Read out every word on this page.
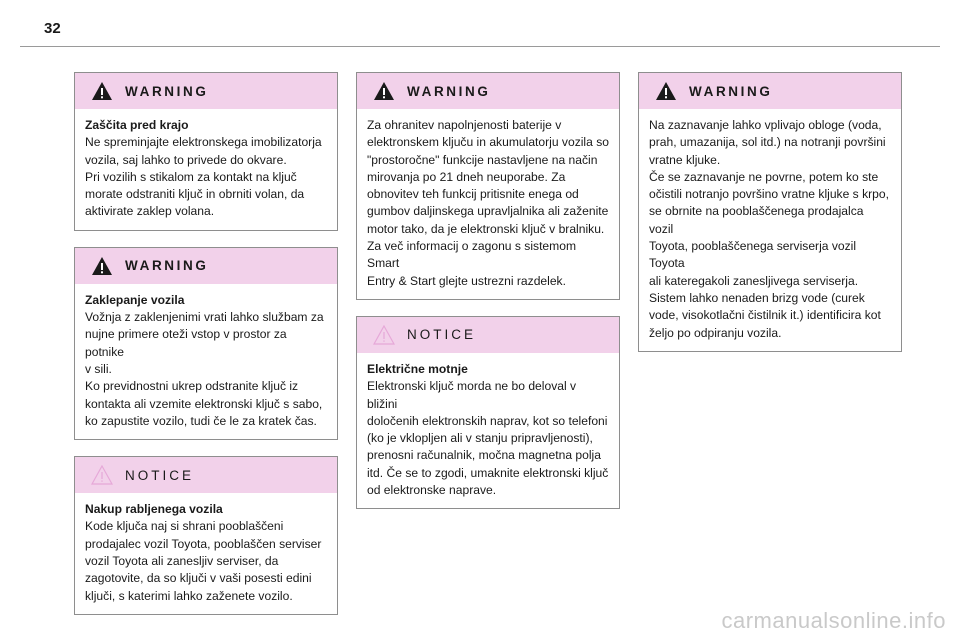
32
WARNING

Zaščita pred krajo

Ne spreminjajte elektronskega imobilizatorja

vozila, saj lahko to privede do okvare.

Pri vozilih s stikalom za kontakt na ključ

morate odstraniti ključ in obrniti volan, da

aktivirate zaklep volana.

WARNING

Zaklepanje vozila

Vožnja z zaklenjenimi vrati lahko službam za

nujne primere oteži vstop v prostor za potnike

v sili.

Ko previdnostni ukrep odstranite ključ iz

kontakta ali vzemite elektronski ključ s sabo,

ko zapustite vozilo, tudi če le za kratek čas.

NOTICE

Nakup rabljenega vozila

Kode ključa naj si shrani pooblaščeni

prodajalec vozil Toyota, pooblaščen serviser

vozil Toyota ali zanesljiv serviser, da

zagotovite, da so ključi v vaši posesti edini

ključi, s katerimi lahko zaženete vozilo.

WARNING

Za ohranitev napolnjenosti baterije v

elektronskem ključu in akumulatorju vozila so

"prostoročne" funkcije nastavljene na način

mirovanja po 21 dneh neuporabe. Za

obnovitev teh funkcij pritisnite enega od

gumbov daljinskega upravljalnika ali zaženite

motor tako, da je elektronski ključ v bralniku.

Za več informacij o zagonu s sistemom Smart

Entry & Start glejte ustrezni razdelek.

NOTICE

Električne motnje

Elektronski ključ morda ne bo deloval v bližini

določenih elektronskih naprav, kot so telefoni

(ko je vklopljen ali v stanju pripravljenosti),

prenosni računalnik, močna magnetna polja

itd. Če se to zgodi, umaknite elektronski ključ

od elektronske naprave.

WARNING

Na zaznavanje lahko vplivajo obloge (voda,

prah, umazanija, sol itd.) na notranji površini

vratne kljuke.

Če se zaznavanje ne povrne, potem ko ste

očistili notranjo površino vratne kljuke s krpo,

se obrnite na pooblaščenega prodajalca vozil

Toyota, pooblaščenega serviserja vozil Toyota

ali kateregakoli zanesljivega serviserja.

Sistem lahko nenaden brizg vode (curek

vode, visokotlačni čistilnik it.) identificira kot

željo po odpiranju vozila.

carmanualsonline.info
